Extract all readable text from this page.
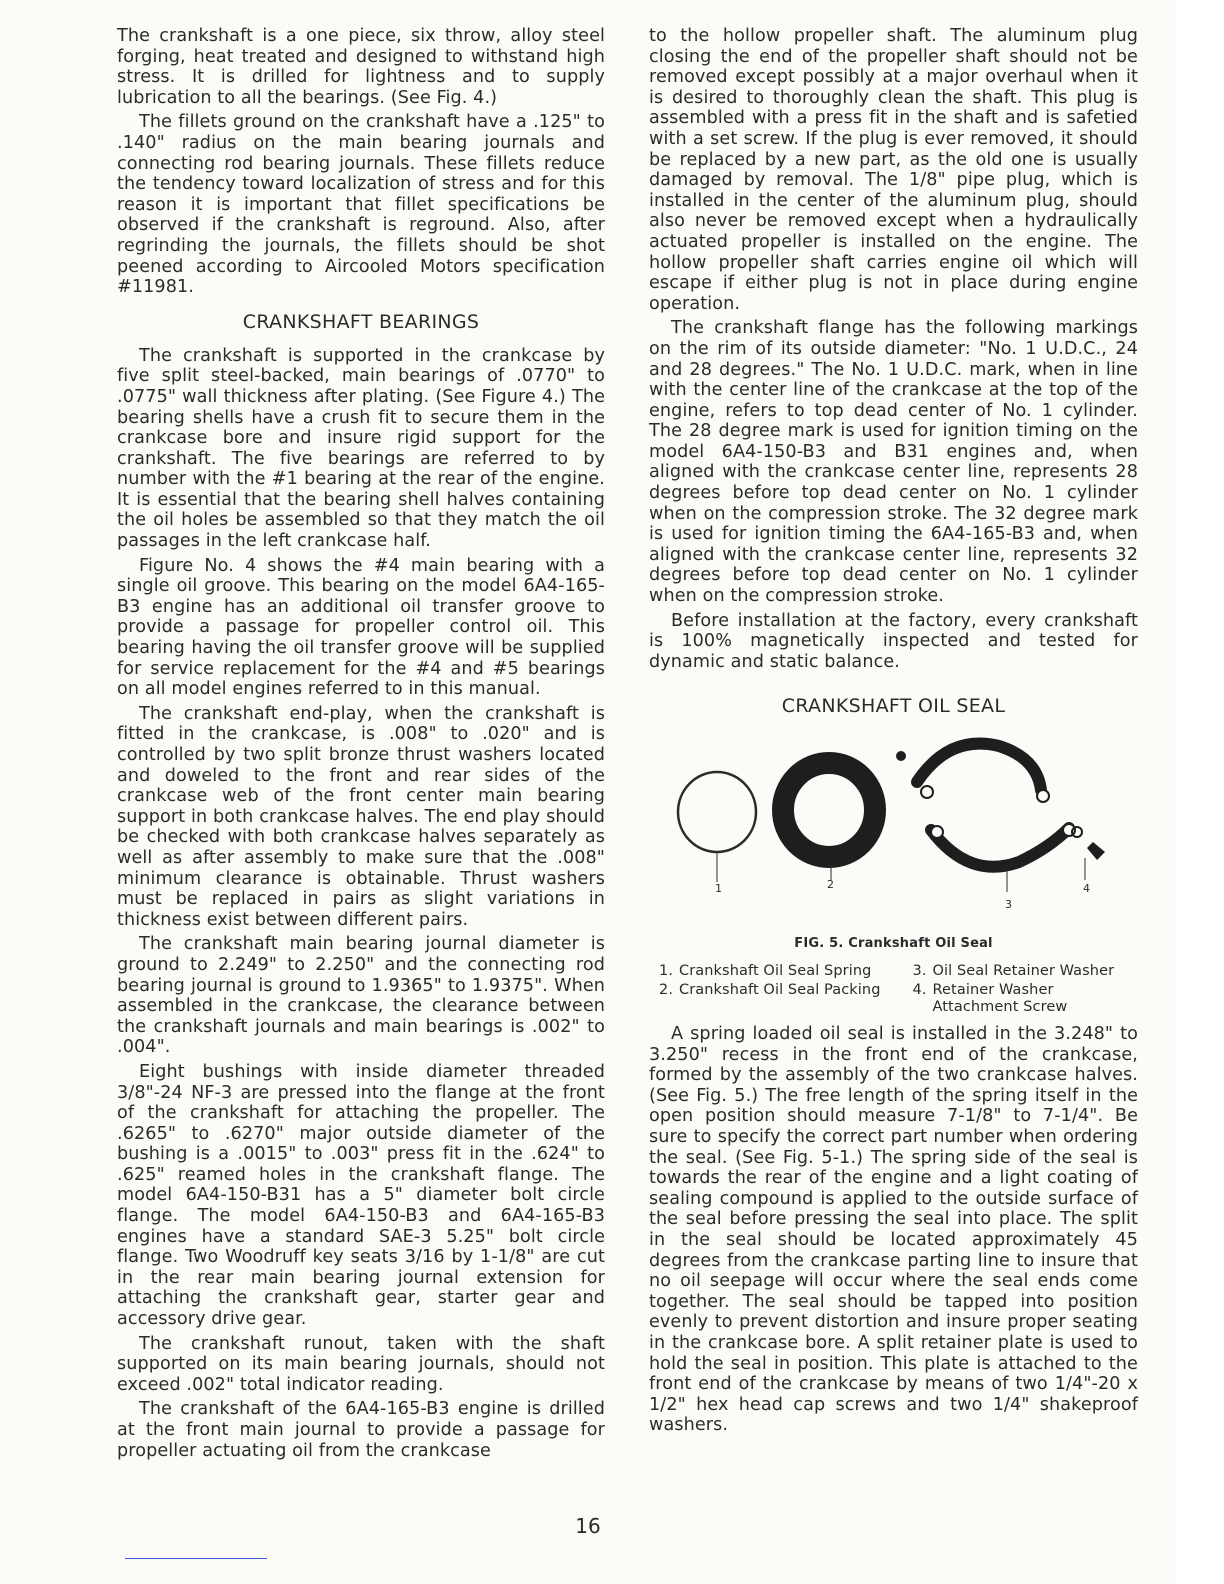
The crankshaft is a one piece, six throw, alloy steel forging, heat treated and designed to withstand high stress. It is drilled for lightness and to supply lubrication to all the bearings. (See Fig. 4.)

The fillets ground on the crankshaft have a .125" to .140" radius on the main bearing journals and connecting rod bearing journals. These fillets reduce the tendency toward localization of stress and for this reason it is important that fillet specifications be observed if the crankshaft is reground. Also, after regrinding the journals, the fillets should be shot peened according to Aircooled Motors specification #11981.

CRANKSHAFT BEARINGS

The crankshaft is supported in the crankcase by five split steel-backed, main bearings of .0770" to .0775" wall thickness after plating. (See Figure 4.) The bearing shells have a crush fit to secure them in the crankcase bore and insure rigid support for the crankshaft. The five bearings are referred to by number with the #1 bearing at the rear of the engine. It is essential that the bearing shell halves containing the oil holes be assembled so that they match the oil passages in the left crankcase half.

Figure No. 4 shows the #4 main bearing with a single oil groove. This bearing on the model 6A4-165-B3 engine has an additional oil transfer groove to provide a passage for propeller control oil. This bearing having the oil transfer groove will be supplied for service replacement for the #4 and #5 bearings on all model engines referred to in this manual.

The crankshaft end-play, when the crankshaft is fitted in the crankcase, is .008" to .020" and is controlled by two split bronze thrust washers located and doweled to the front and rear sides of the crankcase web of the front center main bearing support in both crankcase halves. The end play should be checked with both crankcase halves separately as well as after assembly to make sure that the .008" minimum clearance is obtainable. Thrust washers must be replaced in pairs as slight variations in thickness exist between different pairs.

The crankshaft main bearing journal diameter is ground to 2.249" to 2.250" and the connecting rod bearing journal is ground to 1.9365" to 1.9375". When assembled in the crankcase, the clearance between the crankshaft journals and main bearings is .002" to .004".

Eight bushings with inside diameter threaded 3/8"-24 NF-3 are pressed into the flange at the front of the crankshaft for attaching the propeller. The .6265" to .6270" major outside diameter of the bushing is a .0015" to .003" press fit in the .624" to .625" reamed holes in the crankshaft flange. The model 6A4-150-B31 has a 5" diameter bolt circle flange. The model 6A4-150-B3 and 6A4-165-B3 engines have a standard SAE-3 5.25" bolt circle flange. Two Woodruff key seats 3/16 by 1-1/8" are cut in the rear main bearing journal extension for attaching the crankshaft gear, starter gear and accessory drive gear.

The crankshaft runout, taken with the shaft supported on its main bearing journals, should not exceed .002" total indicator reading.

The crankshaft of the 6A4-165-B3 engine is drilled at the front main journal to provide a passage for propeller actuating oil from the crankcase

to the hollow propeller shaft. The aluminum plug closing the end of the propeller shaft should not be removed except possibly at a major overhaul when it is desired to thoroughly clean the shaft. This plug is assembled with a press fit in the shaft and is safetied with a set screw. If the plug is ever removed, it should be replaced by a new part, as the old one is usually damaged by removal. The 1/8" pipe plug, which is installed in the center of the aluminum plug, should also never be removed except when a hydraulically actuated propeller is installed on the engine. The hollow propeller shaft carries engine oil which will escape if either plug is not in place during engine operation.

The crankshaft flange has the following markings on the rim of its outside diameter: "No. 1 U.D.C., 24 and 28 degrees." The No. 1 U.D.C. mark, when in line with the center line of the crankcase at the top of the engine, refers to top dead center of No. 1 cylinder. The 28 degree mark is used for ignition timing on the model 6A4-150-B3 and B31 engines and, when aligned with the crankcase center line, represents 28 degrees before top dead center on No. 1 cylinder when on the compression stroke. The 32 degree mark is used for ignition timing the 6A4-165-B3 and, when aligned with the crankcase center line, represents 32 degrees before top dead center on No. 1 cylinder when on the compression stroke.

Before installation at the factory, every crankshaft is 100% magnetically inspected and tested for dynamic and static balance.

CRANKSHAFT OIL SEAL
1	2
3
4
FIG. 5. Crankshaft Oil Seal
1. Crankshaft Oil Seal Spring	3. Oil Seal Retainer Washer
2. Crankshaft Oil Seal Packing 4. Retainer Washer Attachment Screw

A spring loaded oil seal is installed in the 3.248" to 3.250" recess in the front end of the crankcase, formed by the assembly of the two crankcase halves. (See Fig. 5.) The free length of the spring itself in the open position should measure 7-1/8" to 7-1/4". Be sure to specify the correct part number when ordering the seal. (See Fig. 5-1.) The spring side of the seal is towards the rear of the engine and a light coating of sealing compound is applied to the outside surface of the seal before pressing the seal into place. The split in the seal should be located approximately 45 degrees from the crankcase parting line to insure that no oil seepage will occur where the seal ends come together. The seal should be tapped into position evenly to prevent distortion and insure proper seating in the crankcase bore. A split retainer plate is used to hold the seal in position. This plate is attached to the front end of the crankcase by means of two 1/4"-20 x 1/2" hex head cap screws and two 1/4" shakeproof washers.

16
